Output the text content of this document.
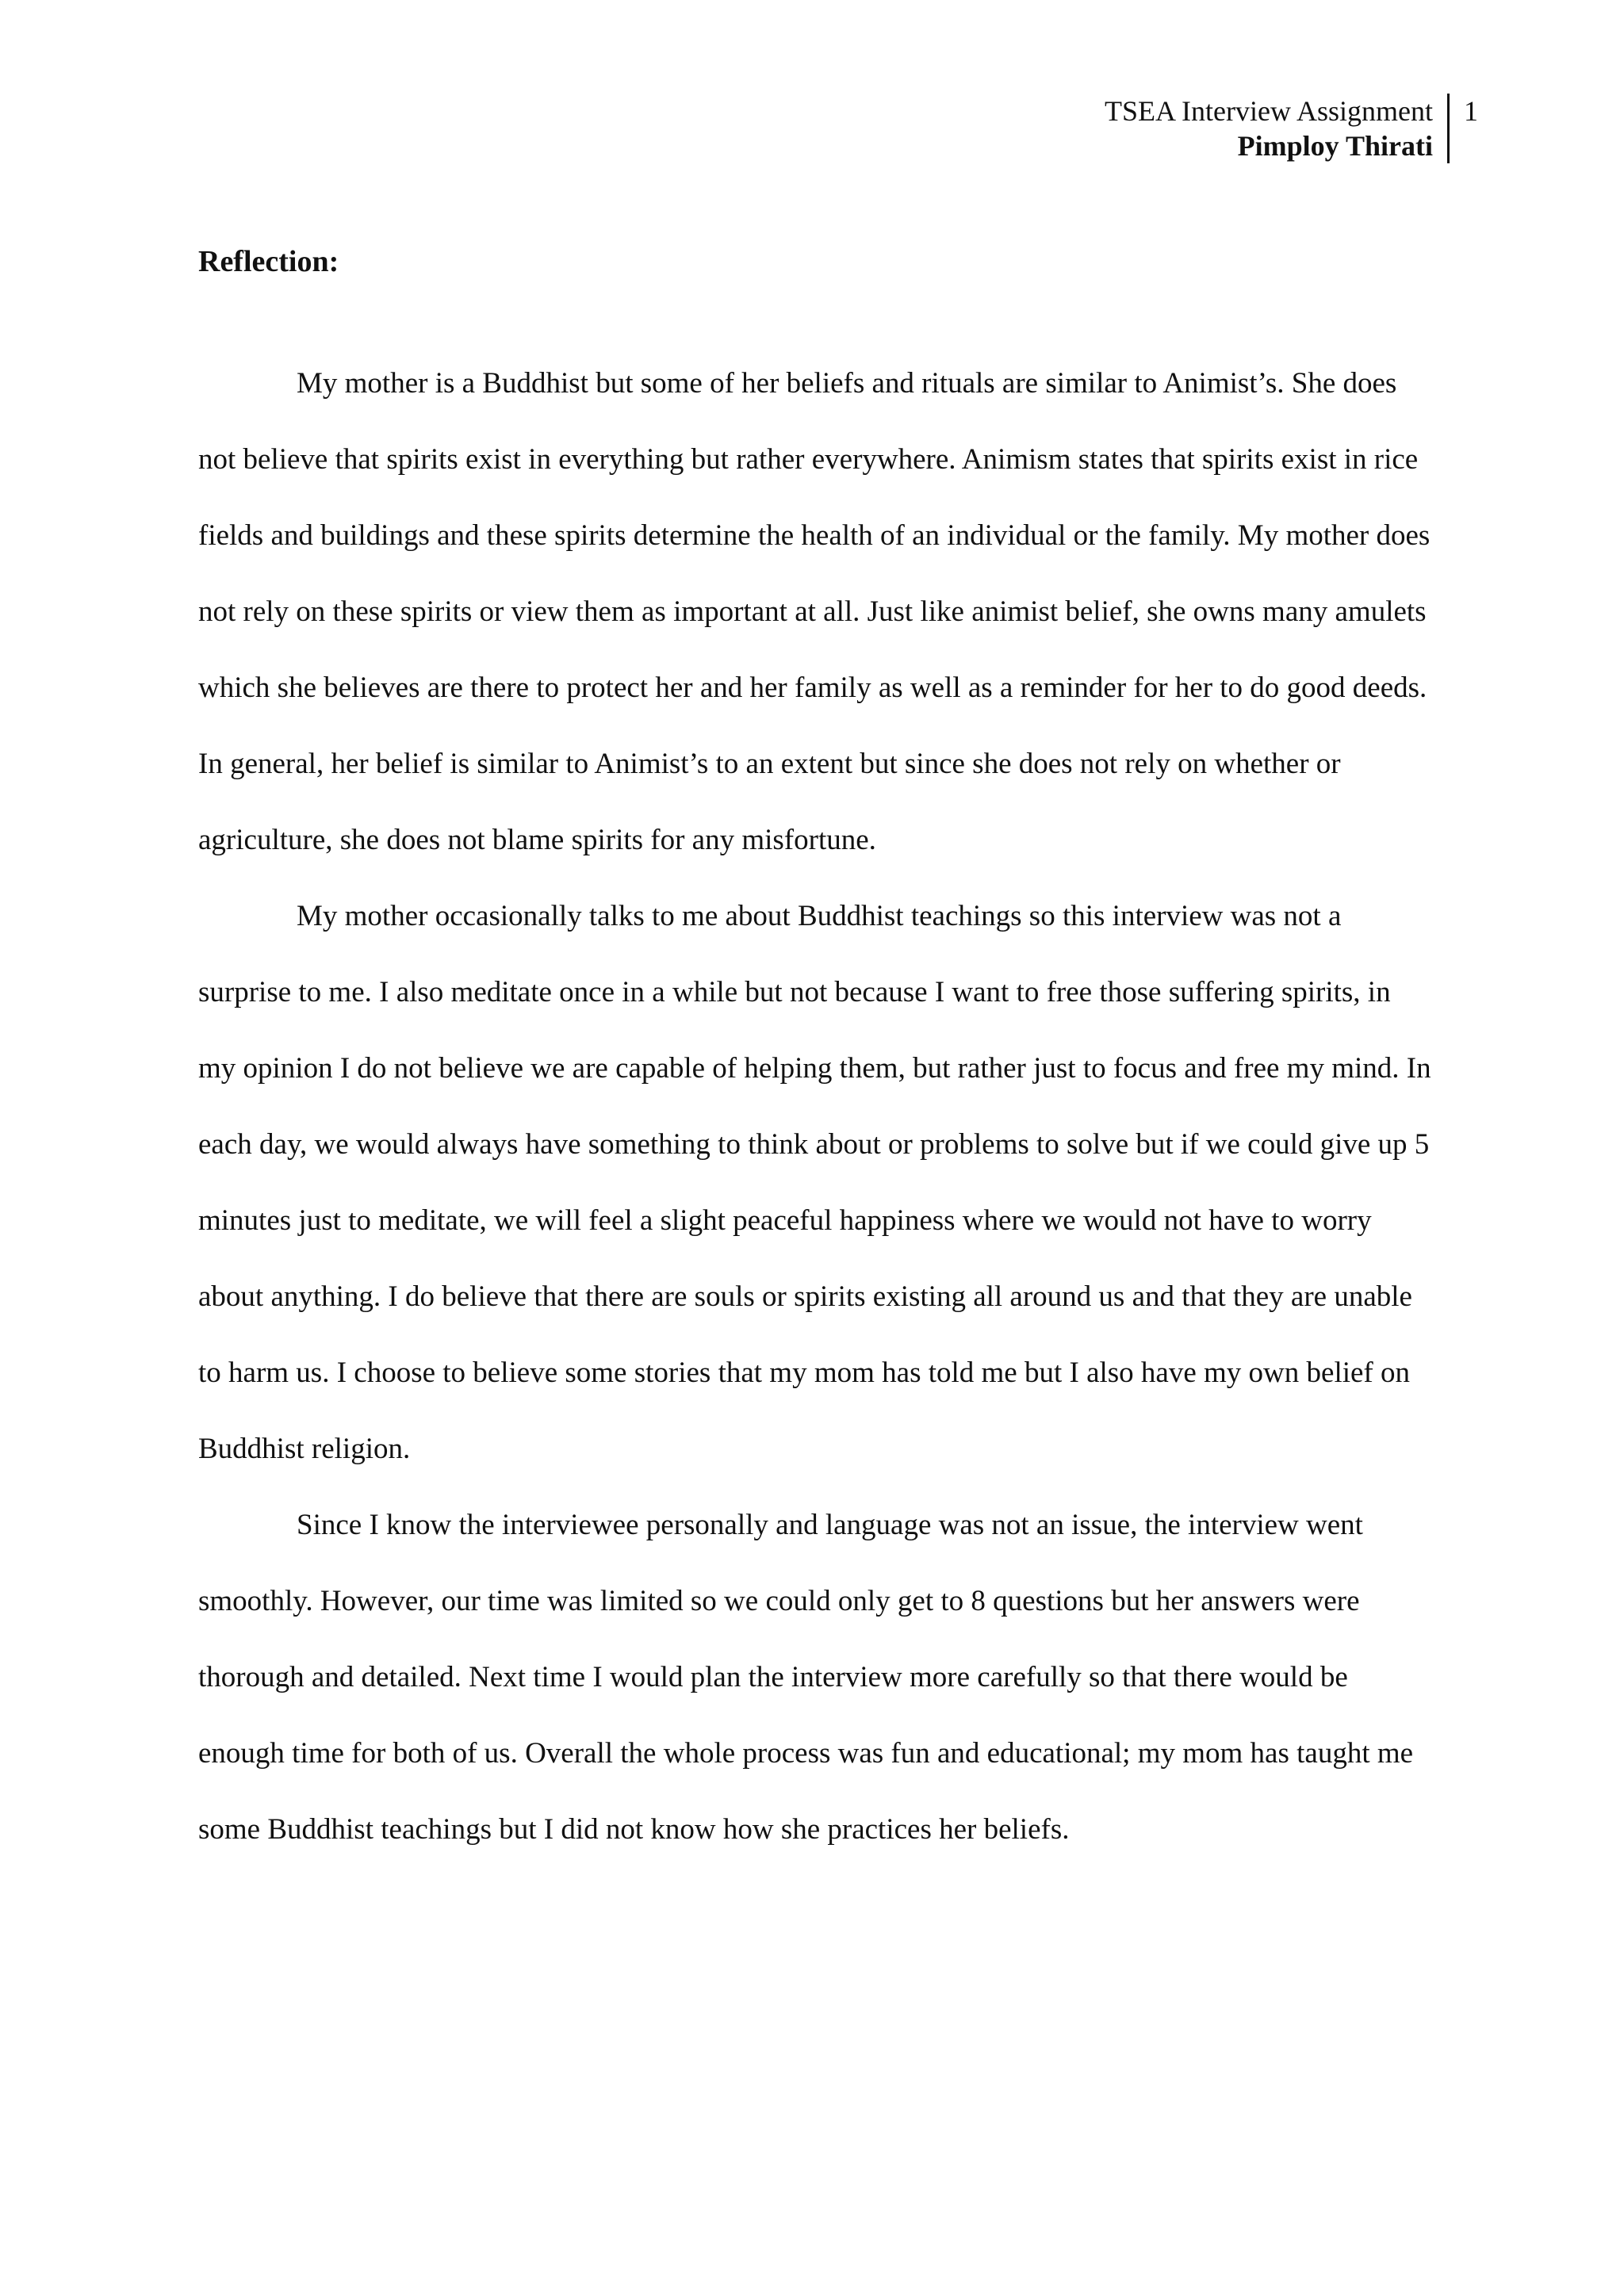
TSEA Interview Assignment
Pimploy Thirati
1
Reflection:

My mother is a Buddhist but some of her beliefs and rituals are similar to Animist’s. She does not believe that spirits exist in everything but rather everywhere. Animism states that spirits exist in rice fields and buildings and these spirits determine the health of an individual or the family. My mother does not rely on these spirits or view them as important at all. Just like animist belief, she owns many amulets which she believes are there to protect her and her family as well as a reminder for her to do good deeds. In general, her belief is similar to Animist’s to an extent but since she does not rely on whether or agriculture, she does not blame spirits for any misfortune.

My mother occasionally talks to me about Buddhist teachings so this interview was not a surprise to me. I also meditate once in a while but not because I want to free those suffering spirits, in my opinion I do not believe we are capable of helping them, but rather just to focus and free my mind. In each day, we would always have something to think about or problems to solve but if we could give up 5 minutes just to meditate, we will feel a slight peaceful happiness where we would not have to worry about anything. I do believe that there are souls or spirits existing all around us and that they are unable to harm us. I choose to believe some stories that my mom has told me but I also have my own belief on Buddhist religion.

Since I know the interviewee personally and language was not an issue, the interview went smoothly. However, our time was limited so we could only get to 8 questions but her answers were thorough and detailed. Next time I would plan the interview more carefully so that there would be enough time for both of us. Overall the whole process was fun and educational; my mom has taught me some Buddhist teachings but I did not know how she practices her beliefs.
